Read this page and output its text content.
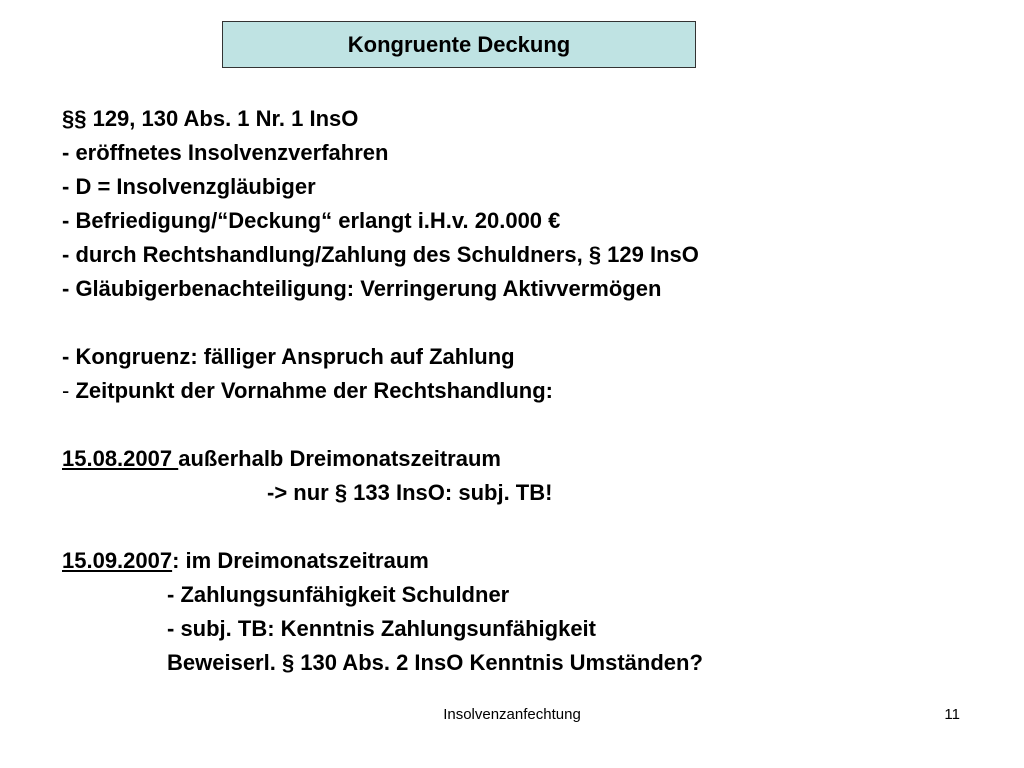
Kongruente Deckung
§§ 129, 130 Abs. 1 Nr. 1 InsO
- eröffnetes Insolvenzverfahren
- D = Insolvenzgläubiger
- Befriedigung/“Deckung“ erlangt i.H.v. 20.000 €
- durch Rechtshandlung/Zahlung des Schuldners, § 129 InsO
- Gläubigerbenachteiligung: Verringerung Aktivvermögen
- Kongruenz: fälliger Anspruch auf Zahlung
- Zeitpunkt der Vornahme der Rechtshandlung:
15.08.2007 außerhalb Dreimonatszeitraum
-> nur § 133 InsO: subj. TB!
15.09.2007: im Dreimonatszeitraum
- Zahlungsunfähigkeit Schuldner
- subj. TB: Kenntnis Zahlungsunfähigkeit
Beweiserl. § 130 Abs. 2 InsO Kenntnis Umständen?
Insolvenzanfechtung	11
